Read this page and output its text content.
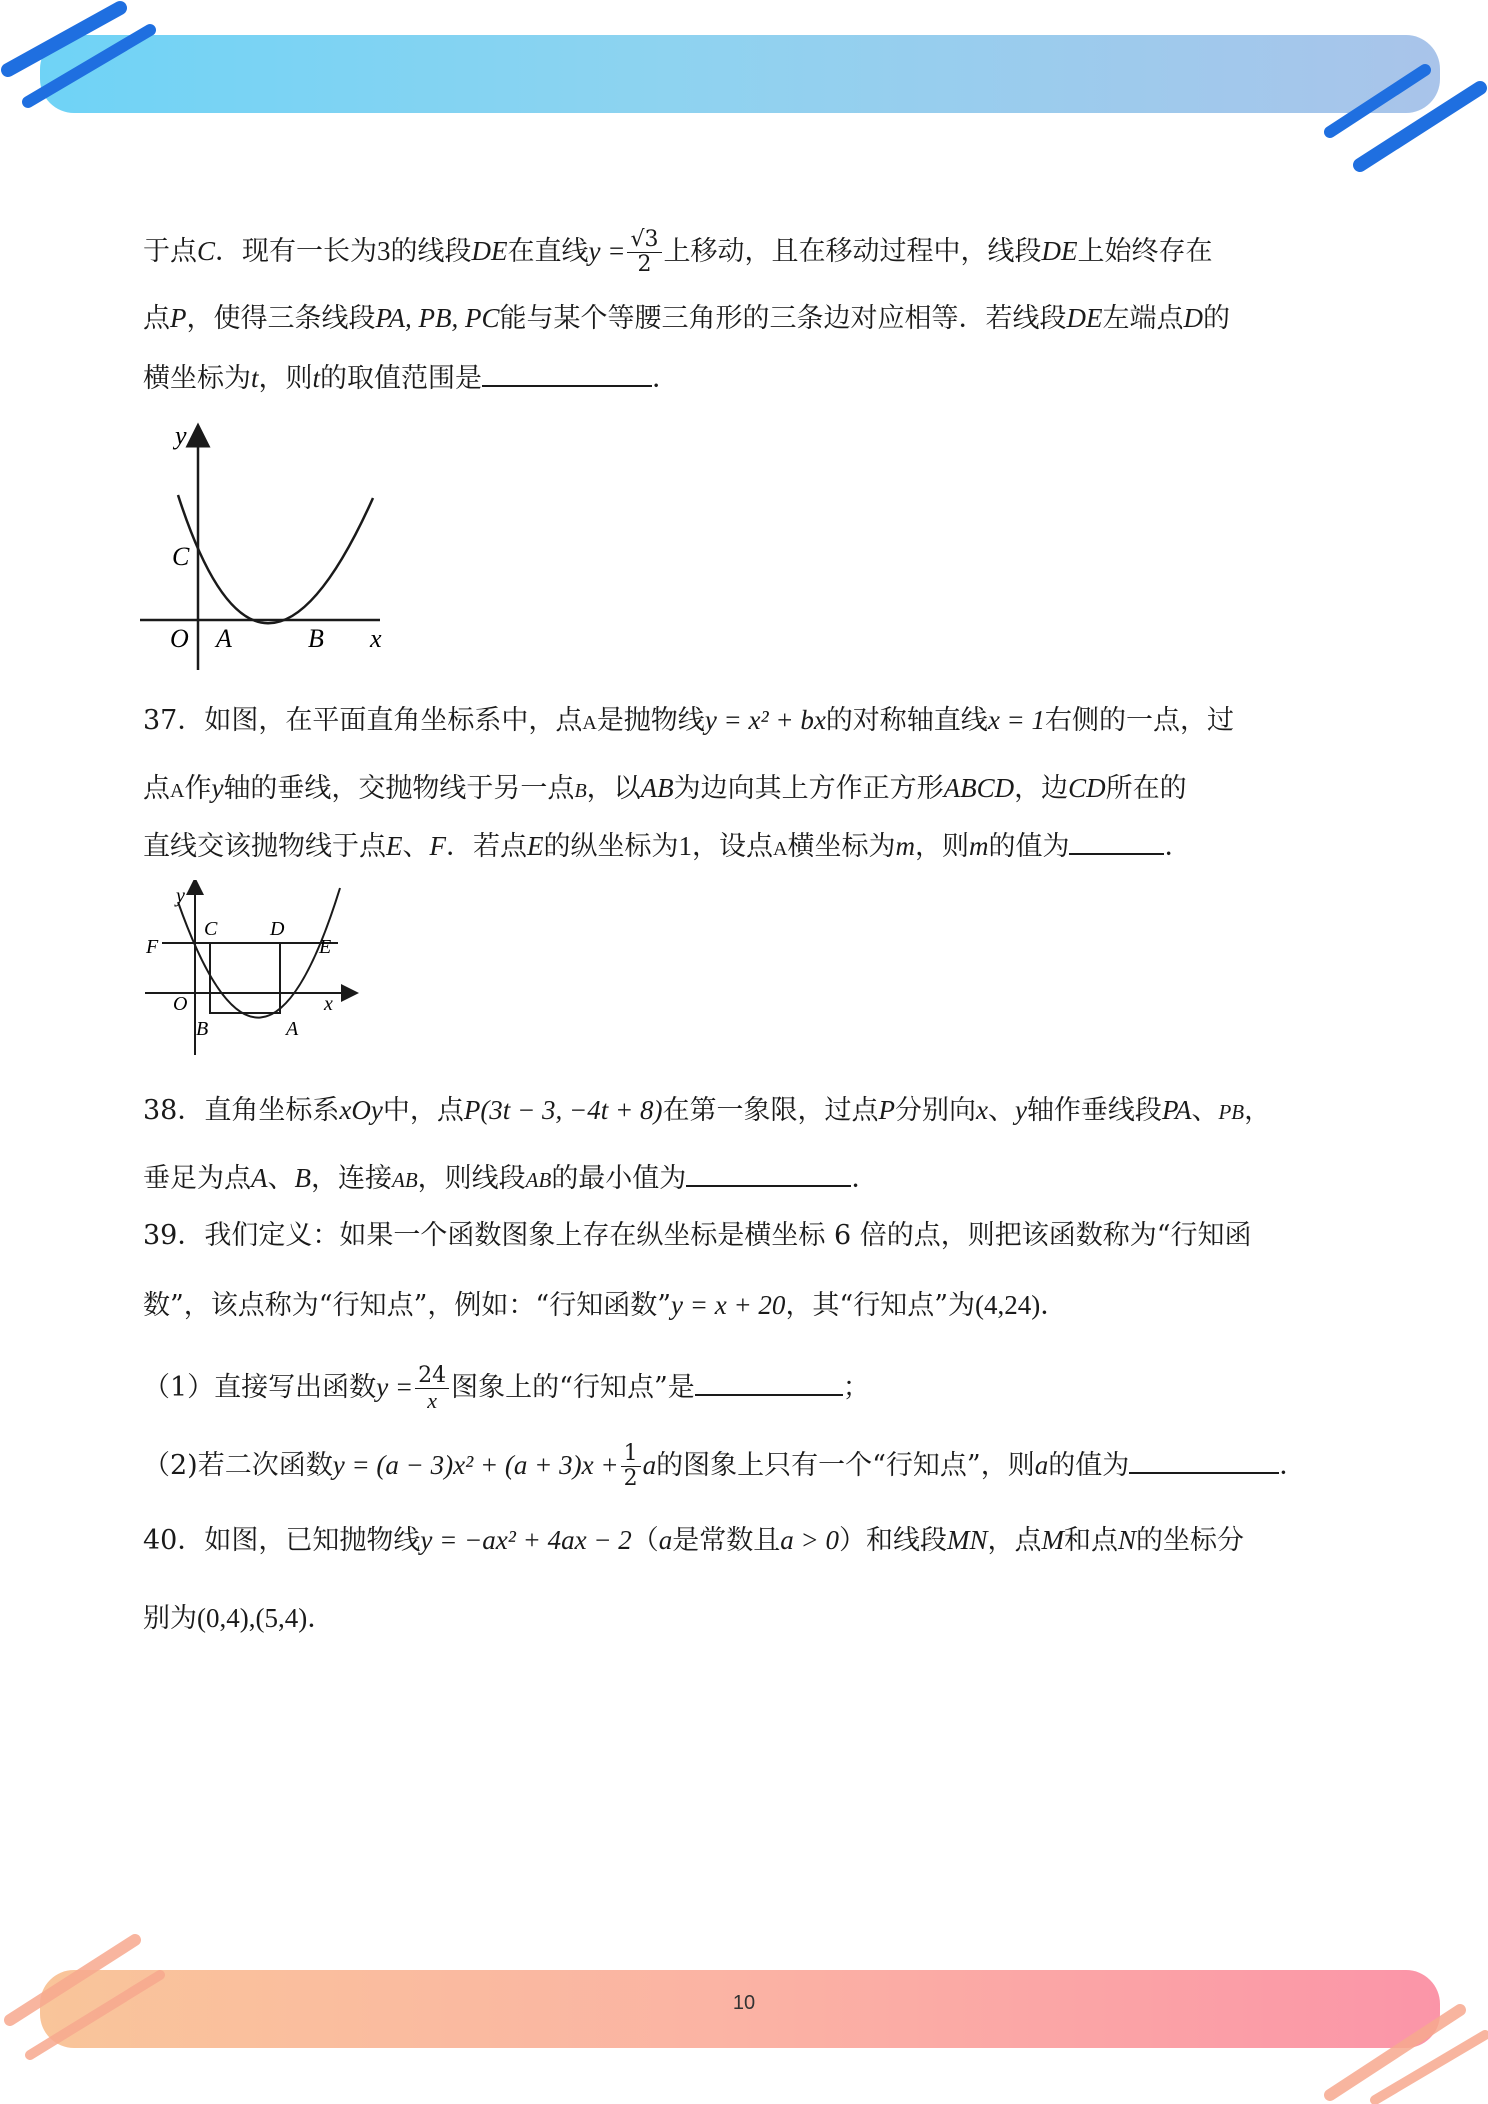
于点C．现有一长为3的线段DE在直线$y = \frac{√3}{2}$ 上移动，且在移动过程中，线段DE上始终存在
点P，使得三条线段PA, PB, PC能与某个等腰三角形的三条边对应相等．若线段DE左端点D的
横坐标为t，则t的取值范围是	．
y
C
O A	B x
37．如图，在平面直角坐标系中，点A是抛物线y = x² + bx的对称轴直线x = 1右侧的一点，过
点A作y轴的垂线，交抛物线于另一点B，以AB为边向其上方作正方形ABCD，边CD所在的
直线交该抛物线于点E、F．若点E的纵坐标为1，设点A横坐标为m，则m的值为	．
y
C	D
F	E
O
B	A
x
38．直角坐标系xOy中，点P(3t − 3, −4t + 8)在第一象限，过点P分别向x、y轴作垂线段PA、PB，
垂足为点A、B，连接AB，则线段AB的最小值为	．
39．我们定义：如果一个函数图象上存在纵坐标是横坐标 6 倍的点，则把该函数称为“行知函
数”，该点称为“行知点”，例如：“行知函数”y = x + 20，其“行知点”为(4,24)．
（1）直接写出函数$y = \frac{24}{x}$ 图象上的“行知点”是	；
（2)若二次函数$y = (a - 3)x^2 + (a + 3)x + \frac{1}{2}$ a的图象上只有一个“行知点”，则a的值为	．
40．如图，已知抛物线y = −ax² + 4ax − 2（a是常数且a > 0）和线段MN，点M和点N的坐标分
别为(0,4),(5,4)．
10
